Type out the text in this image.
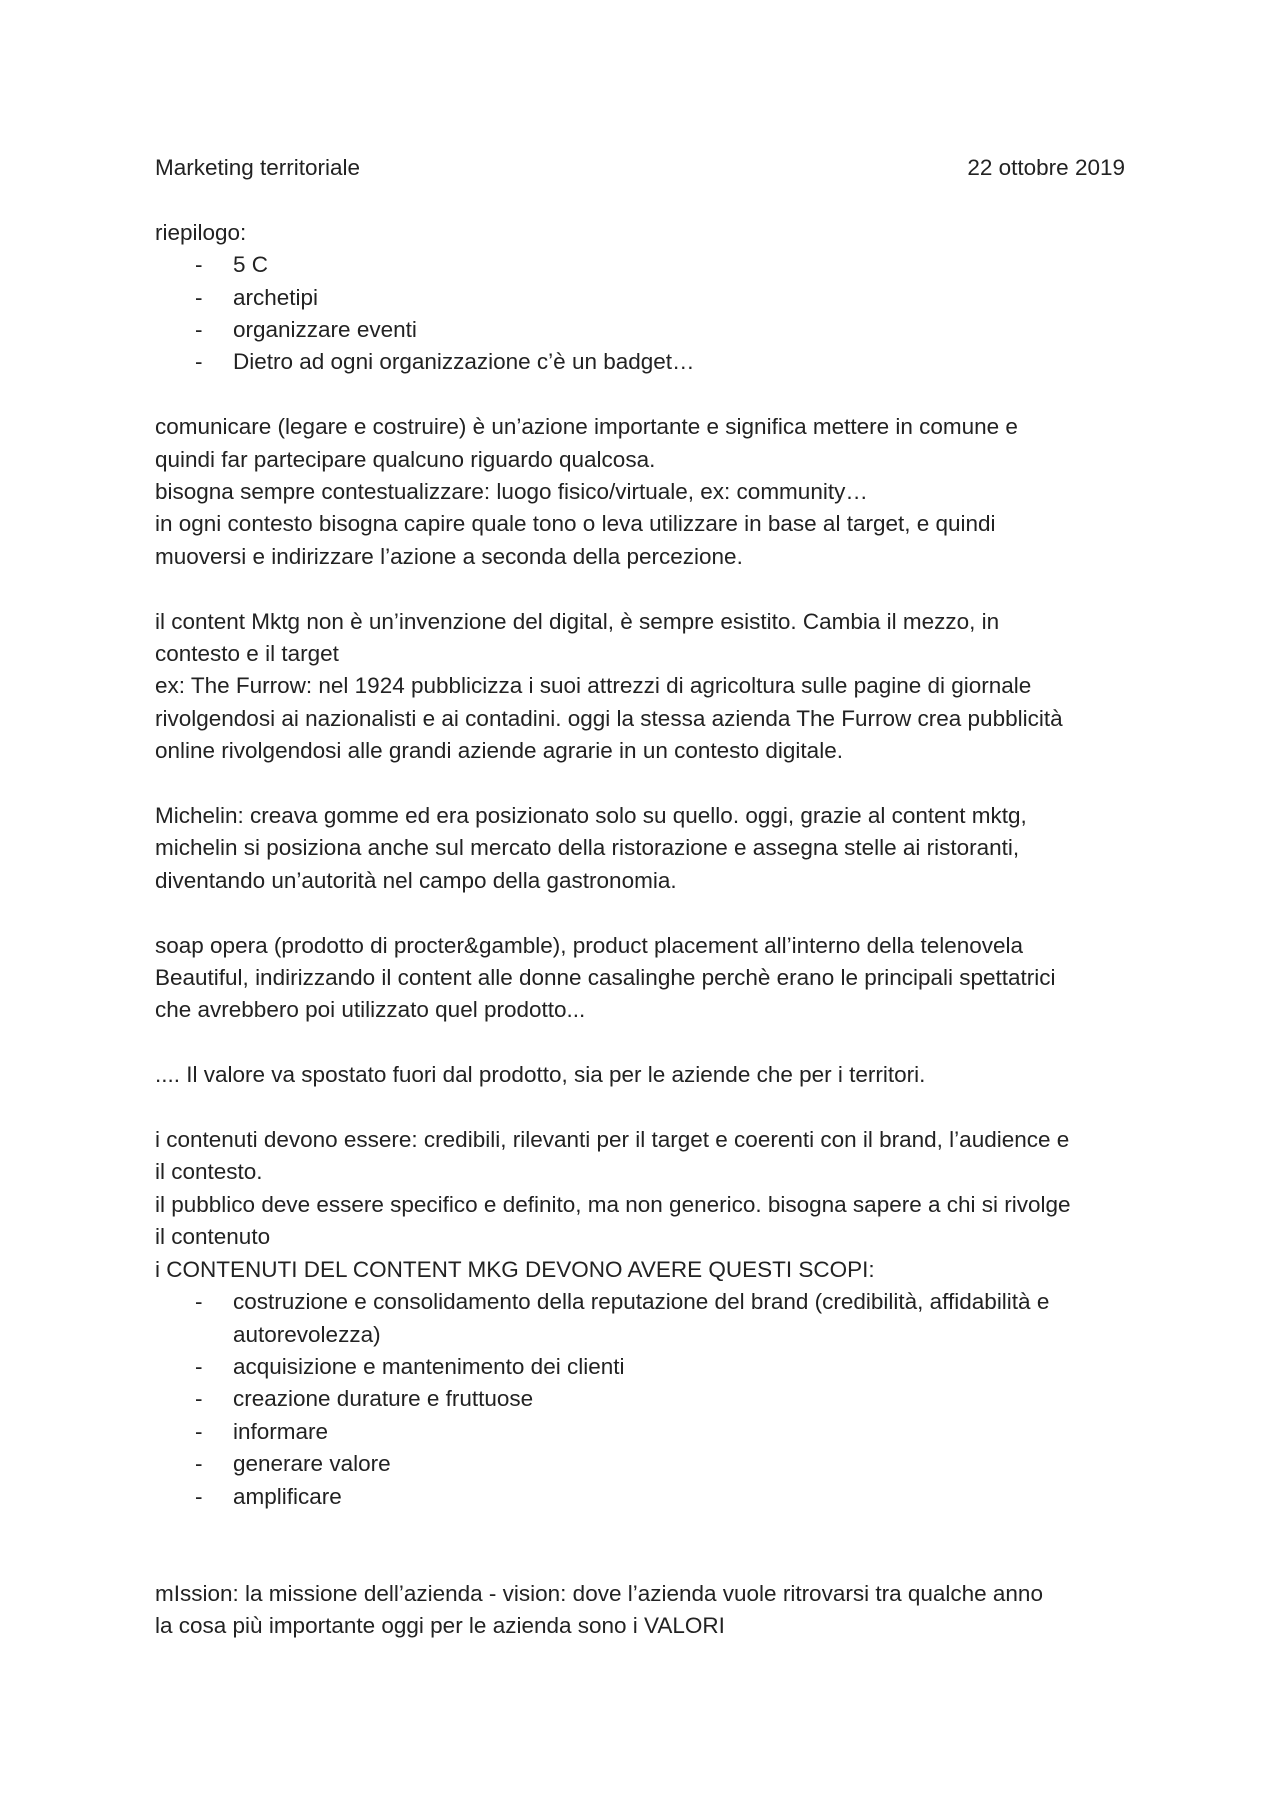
Marketing territoriale	22 ottobre 2019
riepilogo:
- 5 C
- archetipi
- organizzare eventi
- Dietro ad ogni organizzazione c’è un badget…
comunicare (legare e costruire) è un’azione importante e significa mettere in comune e
quindi far partecipare qualcuno riguardo qualcosa.
bisogna sempre contestualizzare: luogo fisico/virtuale, ex: community…
in ogni contesto bisogna capire quale tono o leva utilizzare in base al target, e quindi
muoversi e indirizzare l’azione a seconda della percezione.
il content Mktg non è un’invenzione del digital, è sempre esistito. Cambia il mezzo, in
contesto e il target
ex: The Furrow: nel 1924 pubblicizza i suoi attrezzi di agricoltura sulle pagine di giornale
rivolgendosi ai nazionalisti e ai contadini. oggi la stessa azienda The Furrow crea pubblicità
online rivolgendosi alle grandi aziende agrarie in un contesto digitale.
Michelin: creava gomme ed era posizionato solo su quello. oggi, grazie al content mktg,
michelin si posiziona anche sul mercato della ristorazione e assegna stelle ai ristoranti,
diventando un’autorità nel campo della gastronomia.
soap opera (prodotto di procter&gamble), product placement all’interno della telenovela
Beautiful, indirizzando il content alle donne casalinghe perchè erano le principali spettatrici
che avrebbero poi utilizzato quel prodotto...
.... Il valore va spostato fuori dal prodotto, sia per le aziende che per i territori.
i contenuti devono essere: credibili, rilevanti per il target e coerenti con il brand, l’audience e
il contesto.
il pubblico deve essere specifico e definito, ma non generico. bisogna sapere a chi si rivolge
il contenuto
i CONTENUTI DEL CONTENT MKG DEVONO AVERE QUESTI SCOPI:
- costruzione e consolidamento della reputazione del brand (credibilità, affidabilità e autorevolezza)
- acquisizione e mantenimento dei clienti
- creazione durature e fruttuose
- informare
- generare valore
- amplificare
mIssion: la missione dell’azienda - vision: dove l’azienda vuole ritrovarsi tra qualche anno
la cosa più importante oggi per le azienda sono i VALORI
